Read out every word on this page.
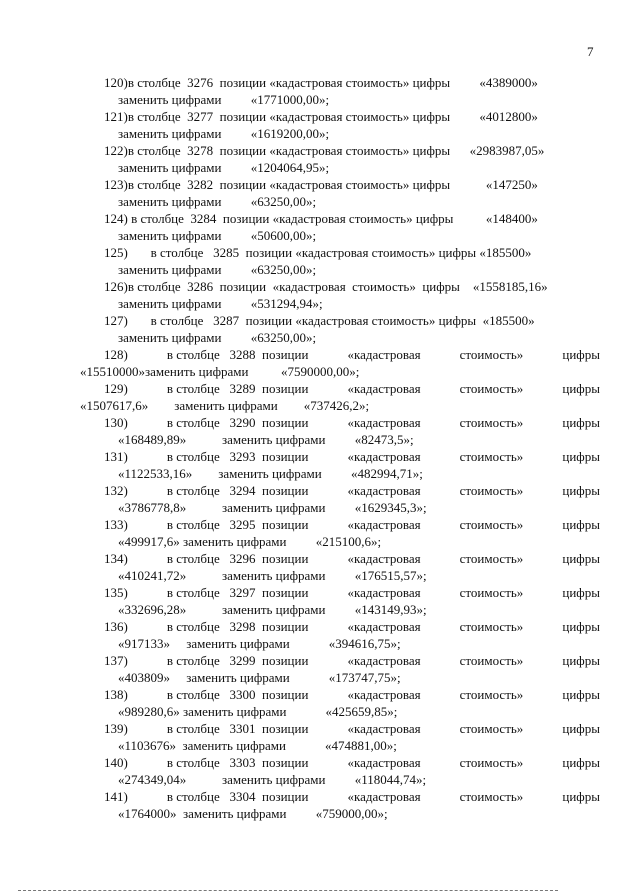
7
120)в столбце  3276  позиции «кадастровая стоимость» цифры         «4389000»
заменить цифрами         «1771000,00»;
121)в столбце  3277  позиции «кадастровая стоимость» цифры         «4012800»
заменить цифрами         «1619200,00»;
122)в столбце  3278  позиции «кадастровая стоимость» цифры      «2983987,05»
заменить цифрами         «1204064,95»;
123)в столбце  3282  позиции «кадастровая стоимость» цифры           «147250»
заменить цифрами         «63250,00»;
124) в столбце  3284  позиции «кадастровая стоимость» цифры          «148400»
заменить цифрами         «50600,00»;
125)       в столбце   3285  позиции «кадастровая стоимость» цифры «185500»
заменить цифрами         «63250,00»;
126)в столбце  3286  позиции  «кадастровая  стоимость»  цифры    «1558185,16»
заменить цифрами         «531294,94»;
127)       в столбце   3287  позиции «кадастровая стоимость» цифры  «185500»
заменить цифрами         «63250,00»;
128)	в столбце   3288  позиции	«кадастровая	стоимость»	цифры
«15510000»заменить цифрами          «7590000,00»;
129)	в столбце   3289  позиции	«кадастровая	стоимость»	цифры
«1507617,6»        заменить цифрами        «737426,2»;
130)	в столбце   3290  позиции	«кадастровая	стоимость»	цифры
«168489,89»           заменить цифрами         «82473,5»;
131)	в столбце   3293  позиции	«кадастровая	стоимость»	цифры
«1122533,16»        заменить цифрами         «482994,71»;
132)	в столбце   3294  позиции	«кадастровая	стоимость»	цифры
«3786778,8»           заменить цифрами         «1629345,3»;
133)	в столбце   3295  позиции	«кадастровая	стоимость»	цифры
«499917,6» заменить цифрами         «215100,6»;
134)	в столбце   3296  позиции	«кадастровая	стоимость»	цифры
«410241,72»           заменить цифрами         «176515,57»;
135)	в столбце   3297  позиции	«кадастровая	стоимость»	цифры
«332696,28»           заменить цифрами         «143149,93»;
136)	в столбце   3298  позиции	«кадастровая	стоимость»	цифры
«917133»     заменить цифрами            «394616,75»;
137)	в столбце   3299  позиции	«кадастровая	стоимость»	цифры
«403809»     заменить цифрами            «173747,75»;
138)	в столбце   3300  позиции	«кадастровая	стоимость»	цифры
«989280,6» заменить цифрами            «425659,85»;
139)	в столбце   3301  позиции	«кадастровая	стоимость»	цифры
«1103676»  заменить цифрами            «474881,00»;
140)	в столбце   3303  позиции	«кадастровая	стоимость»	цифры
«274349,04»           заменить цифрами         «118044,74»;
141)	в столбце   3304  позиции	«кадастровая	стоимость»	цифры
«1764000»  заменить цифрами         «759000,00»;
